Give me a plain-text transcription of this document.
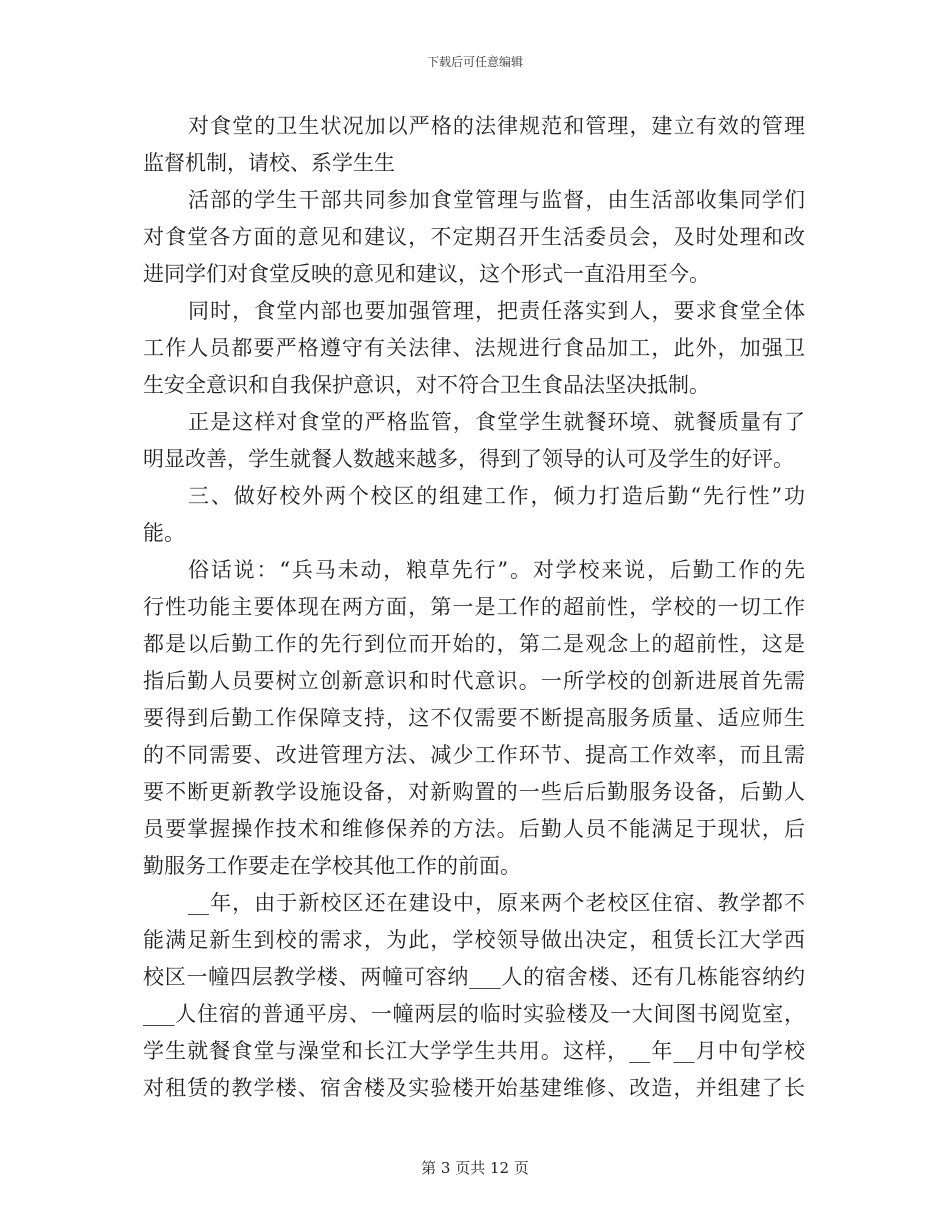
下载后可任意编辑
对食堂的卫生状况加以严格的法律规范和管理，建立有效的管理
监督机制，请校、系学生生
活部的学生干部共同参加食堂管理与监督，由生活部收集同学们
对食堂各方面的意见和建议，不定期召开生活委员会，及时处理和改
进同学们对食堂反映的意见和建议，这个形式一直沿用至今。
同时，食堂内部也要加强管理，把责任落实到人，要求食堂全体
工作人员都要严格遵守有关法律、法规进行食品加工，此外，加强卫
生安全意识和自我保护意识，对不符合卫生食品法坚决抵制。
正是这样对食堂的严格监管，食堂学生就餐环境、就餐质量有了
明显改善，学生就餐人数越来越多，得到了领导的认可及学生的好评。
三、做好校外两个校区的组建工作，倾力打造后勤“先行性”功
能。
俗话说：“兵马未动，粮草先行”。对学校来说，后勤工作的先
行性功能主要体现在两方面，第一是工作的超前性，学校的一切工作
都是以后勤工作的先行到位而开始的，第二是观念上的超前性，这是
指后勤人员要树立创新意识和时代意识。一所学校的创新进展首先需
要得到后勤工作保障支持，这不仅需要不断提高服务质量、适应师生
的不同需要、改进管理方法、减少工作环节、提高工作效率，而且需
要不断更新教学设施设备，对新购置的一些后后勤服务设备，后勤人
员要掌握操作技术和维修保养的方法。后勤人员不能满足于现状，后
勤服务工作要走在学校其他工作的前面。
__年，由于新校区还在建设中，原来两个老校区住宿、教学都不
能满足新生到校的需求，为此，学校领导做出决定，租赁长江大学西
校区一幢四层教学楼、两幢可容纳___人的宿舍楼、还有几栋能容纳约
___人住宿的普通平房、一幢两层的临时实验楼及一大间图书阅览室，
学生就餐食堂与澡堂和长江大学学生共用。这样，__年__月中旬学校
对租赁的教学楼、宿舍楼及实验楼开始基建维修、改造，并组建了长
第 3 页共 12 页
